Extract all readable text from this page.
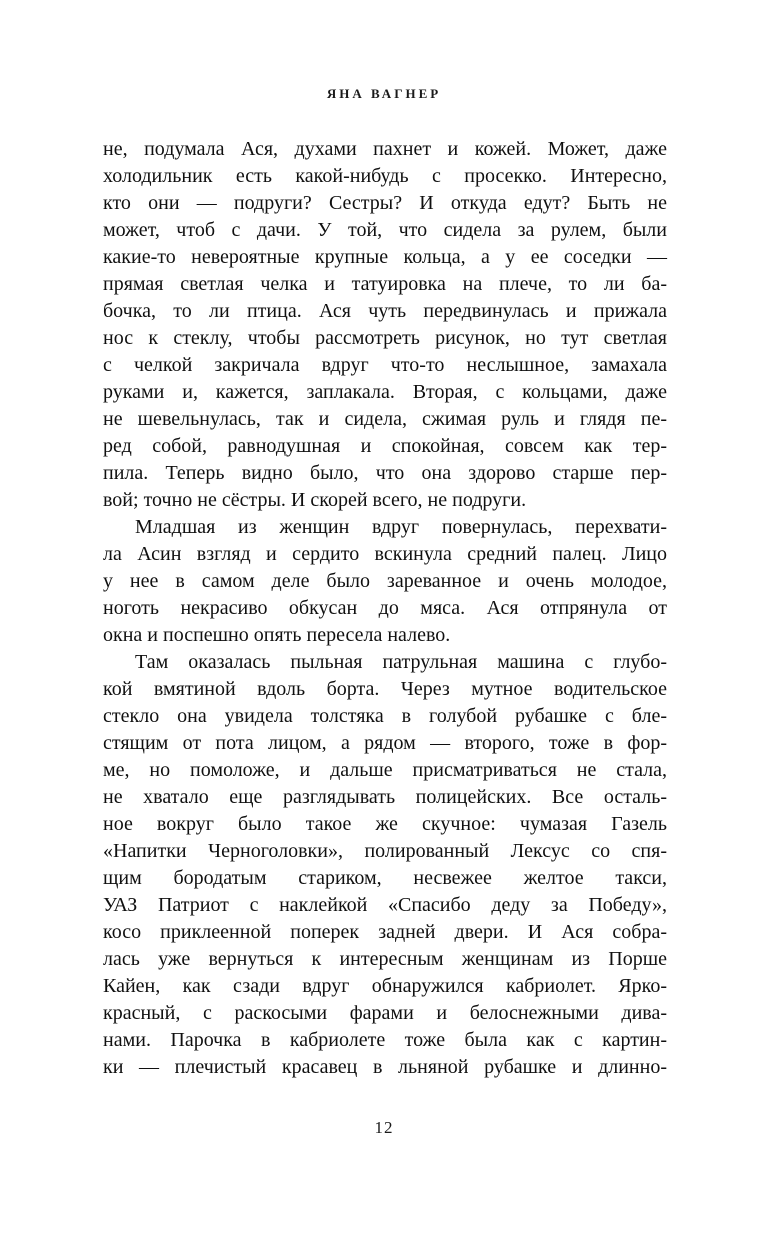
ЯНА ВАГНЕР
не, подумала Ася, духами пахнет и кожей. Может, даже
холодильник есть какой-нибудь с просекко. Интересно,
кто они — подруги? Сестры? И откуда едут? Быть не
может, чтоб с дачи. У той, что сидела за рулем, были
какие-то невероятные крупные кольца, а у ее соседки —
прямая светлая челка и татуировка на плече, то ли ба-
бочка, то ли птица. Ася чуть передвинулась и прижала
нос к стеклу, чтобы рассмотреть рисунок, но тут светлая
с челкой закричала вдруг что-то неслышное, замахала
руками и, кажется, заплакала. Вторая, с кольцами, даже
не шевельнулась, так и сидела, сжимая руль и глядя пе-
ред собой, равнодушная и спокойная, совсем как тер-
пила. Теперь видно было, что она здорово старше пер-
вой; точно не сёстры. И скорей всего, не подруги.
Младшая из женщин вдруг повернулась, перехвати-
ла Асин взгляд и сердито вскинула средний палец. Лицо
у нее в самом деле было зареванное и очень молодое,
ноготь некрасиво обкусан до мяса. Ася отпрянула от
окна и поспешно опять пересела налево.
Там оказалась пыльная патрульная машина с глубо-
кой вмятиной вдоль борта. Через мутное водительское
стекло она увидела толстяка в голубой рубашке с бле-
стящим от пота лицом, а рядом — второго, тоже в фор-
ме, но помоложе, и дальше присматриваться не стала,
не хватало еще разглядывать полицейских. Все осталь-
ное вокруг было такое же скучное: чумазая Газель
«Напитки Черноголовки», полированный Лексус со спя-
щим бородатым стариком, несвежее желтое такси,
УАЗ Патриот с наклейкой «Спасибо деду за Победу»,
косо приклеенной поперек задней двери. И Ася собра-
лась уже вернуться к интересным женщинам из Порше
Кайен, как сзади вдруг обнаружился кабриолет. Ярко-
красный, с раскосыми фарами и белоснежными дива-
нами. Парочка в кабриолете тоже была как с картин-
ки — плечистый красавец в льняной рубашке и длинно-
12
